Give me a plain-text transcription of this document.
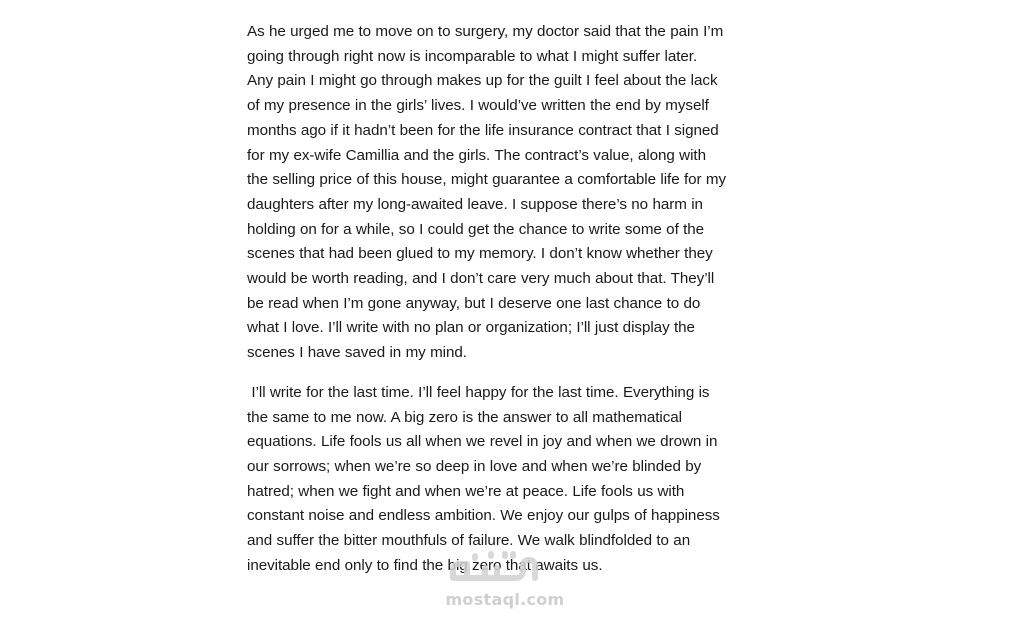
As he urged me to move on to surgery, my doctor said that the pain I’m
going through right now is incomparable to what I might suffer later.
Any pain I might go through makes up for the guilt I feel about the lack
of my presence in the girls’ lives. I would’ve written the end by myself
months ago if it hadn’t been for the life insurance contract that I signed
for my ex-wife Camillia and the girls. The contract’s value, along with
the selling price of this house, might guarantee a comfortable life for my
daughters after my long-awaited leave. I suppose there’s no harm in
holding on for a while, so I could get the chance to write some of the
scenes that had been glued to my memory. I don’t know whether they
would be worth reading, and I don’t care very much about that. They’ll
be read when I’m gone anyway, but I deserve one last chance to do
what I love. I’ll write with no plan or organization; I’ll just display the
scenes I have saved in my mind.

I’ll write for the last time. I’ll feel happy for the last time. Everything is
the same to me now. A big zero is the answer to all mathematical
equations. Life fools us all when we revel in joy and when we drown in
our sorrows; when we’re so deep in love and when we’re blinded by
hatred; when we fight and when we’re at peace. Life fools us with
constant noise and endless ambition. We enjoy our gulps of happiness
and suffer the bitter mouthfuls of failure. We walk blindfolded to an
inevitable end only to find the big zero that awaits us.

mostaql.com
